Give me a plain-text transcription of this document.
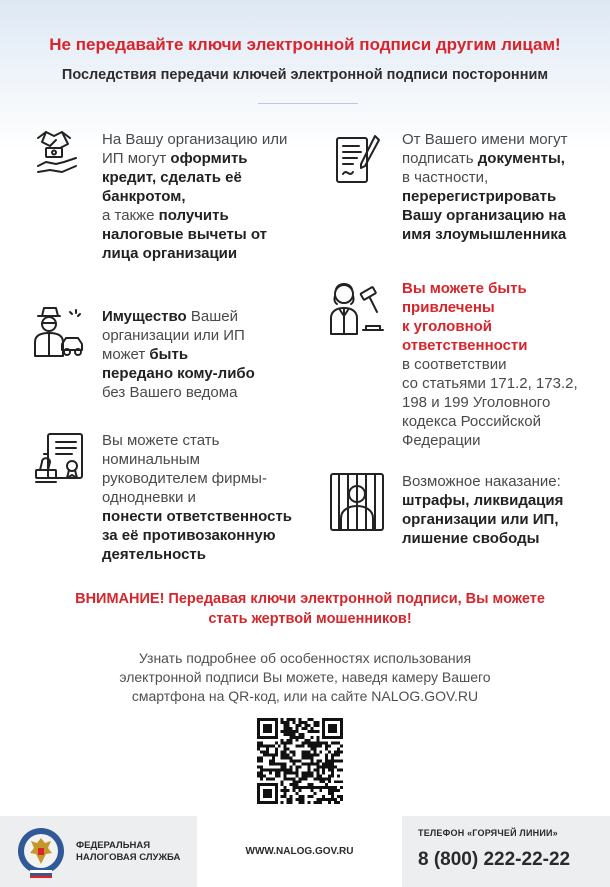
Не передавайте ключи электронной подписи другим лицам!
Последствия передачи ключей электронной подписи посторонним
На Вашу организацию или
ИП могут оформить
кредит, сделать её
банкротом,
а также получить
налоговые вычеты от
лица организации
От Вашего имени могут
подписать документы,
в частности,
перерегистрировать
Вашу организацию на
имя злоумышленника
Имущество Вашей
организации или ИП
может быть
передано кому-либо
без Вашего ведома
Вы можете быть
привлечены
к уголовной
ответственности
в соответствии
со статьями 171.2, 173.2,
198 и 199 Уголовного
кодекса Российской
Федерации
Вы можете стать
номинальным
руководителем фирмы-
однодневки и
понести ответственность
за её противозаконную
деятельность
Возможное наказание:
штрафы, ликвидация
организации или ИП,
лишение свободы
ВНИМАНИЕ! Передавая ключи электронной подписи, Вы можете
стать жертвой мошенников!
Узнать подробнее об особенностях использования
электронной подписи Вы можете, наведя камеру Вашего
смартфона на QR-код, или на сайте NALOG.GOV.RU
ФЕДЕРАЛЬНАЯ
НАЛОГОВАЯ СЛУЖБА
WWW.NALOG.GOV.RU
ТЕЛЕФОН «ГОРЯЧЕЙ ЛИНИИ»
8 (800) 222-22-22
